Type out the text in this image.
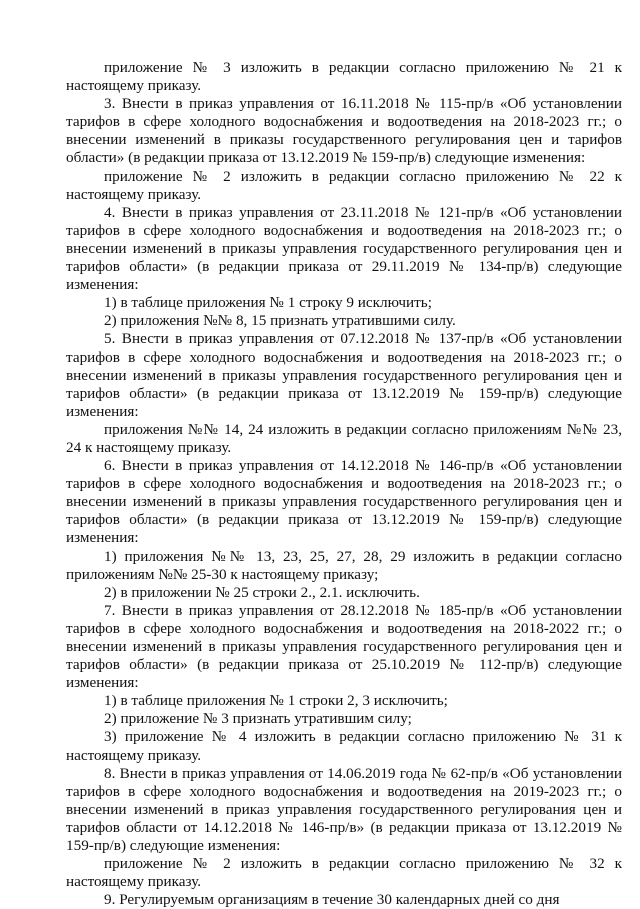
приложение № 3 изложить в редакции согласно приложению № 21 к настоящему приказу.

3. Внести в приказ управления от 16.11.2018 № 115-пр/в «Об установлении тарифов в сфере холодного водоснабжения и водоотведения на 2018-2023 гг.; о внесении изменений в приказы государственного регулирования цен и тарифов области» (в редакции приказа от 13.12.2019 № 159-пр/в) следующие изменения:

приложение № 2 изложить в редакции согласно приложению № 22 к настоящему приказу.

4. Внести в приказ управления от 23.11.2018 № 121-пр/в «Об установлении тарифов в сфере холодного водоснабжения и водоотведения на 2018-2023 гг.; о внесении изменений в приказы управления государственного регулирования цен и тарифов области» (в редакции приказа от 29.11.2019 № 134-пр/в) следующие изменения:

1) в таблице приложения № 1 строку 9 исключить;

2) приложения №№ 8, 15 признать утратившими силу.

5. Внести в приказ управления от 07.12.2018 № 137-пр/в «Об установлении тарифов в сфере холодного водоснабжения и водоотведения на 2018-2023 гг.; о внесении изменений в приказы управления государственного регулирования цен и тарифов области» (в редакции приказа от 13.12.2019 № 159-пр/в) следующие изменения:

приложения №№ 14, 24 изложить в редакции согласно приложениям №№ 23, 24 к настоящему приказу.

6. Внести в приказ управления от 14.12.2018 № 146-пр/в «Об установлении тарифов в сфере холодного водоснабжения и водоотведения на 2018-2023 гг.; о внесении изменений в приказы управления государственного регулирования цен и тарифов области» (в редакции приказа от 13.12.2019 № 159-пр/в) следующие изменения:

1) приложения №№ 13, 23, 25, 27, 28, 29 изложить в редакции согласно приложениям №№ 25-30 к настоящему приказу;

2) в приложении № 25 строки 2., 2.1. исключить.

7. Внести в приказ управления от 28.12.2018 № 185-пр/в «Об установлении тарифов в сфере холодного водоснабжения и водоотведения на 2018-2022 гг.; о внесении изменений в приказы управления государственного регулирования цен и тарифов области» (в редакции приказа от 25.10.2019 № 112-пр/в) следующие изменения:

1) в таблице приложения № 1 строки 2, 3 исключить;

2) приложение № 3 признать утратившим силу;

3) приложение № 4 изложить в редакции согласно приложению № 31 к настоящему приказу.

8. Внести в приказ управления от 14.06.2019 года № 62-пр/в «Об установлении тарифов в сфере холодного водоснабжения и водоотведения на 2019-2023 гг.; о внесении изменений в приказ управления государственного регулирования цен и тарифов области от 14.12.2018 № 146-пр/в» (в редакции приказа от 13.12.2019 № 159-пр/в) следующие изменения:

приложение № 2 изложить в редакции согласно приложению № 32 к настоящему приказу.

9. Регулируемым организациям в течение 30 календарных дней со дня
